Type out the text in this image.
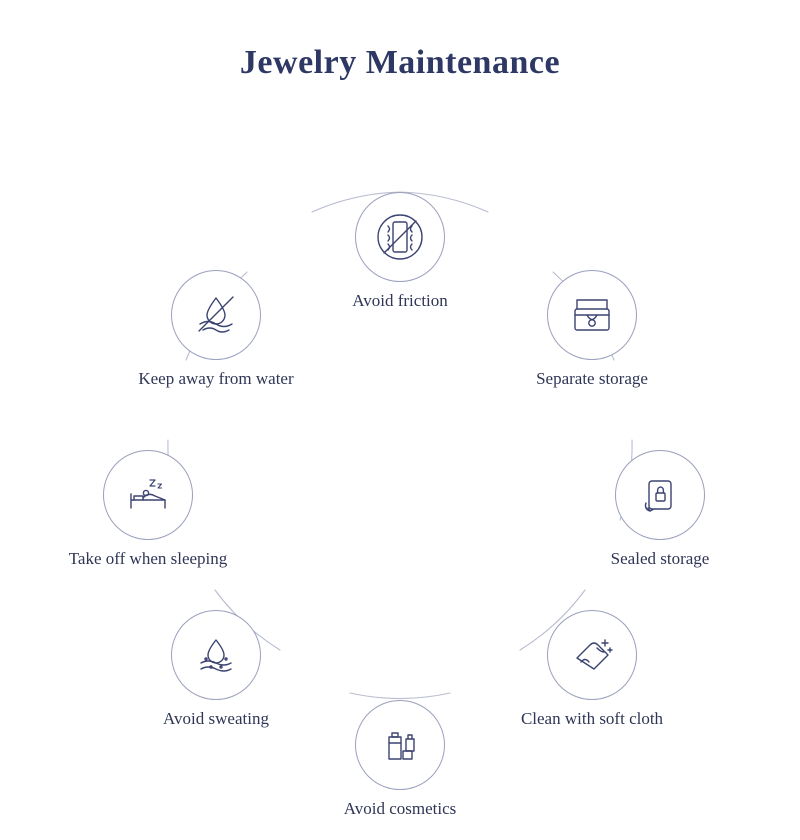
Jewelry Maintenance
Avoid friction
Separate storage
Sealed storage
Clean with soft cloth
Avoid cosmetics
Avoid sweating
Take off when sleeping
Keep away from water
